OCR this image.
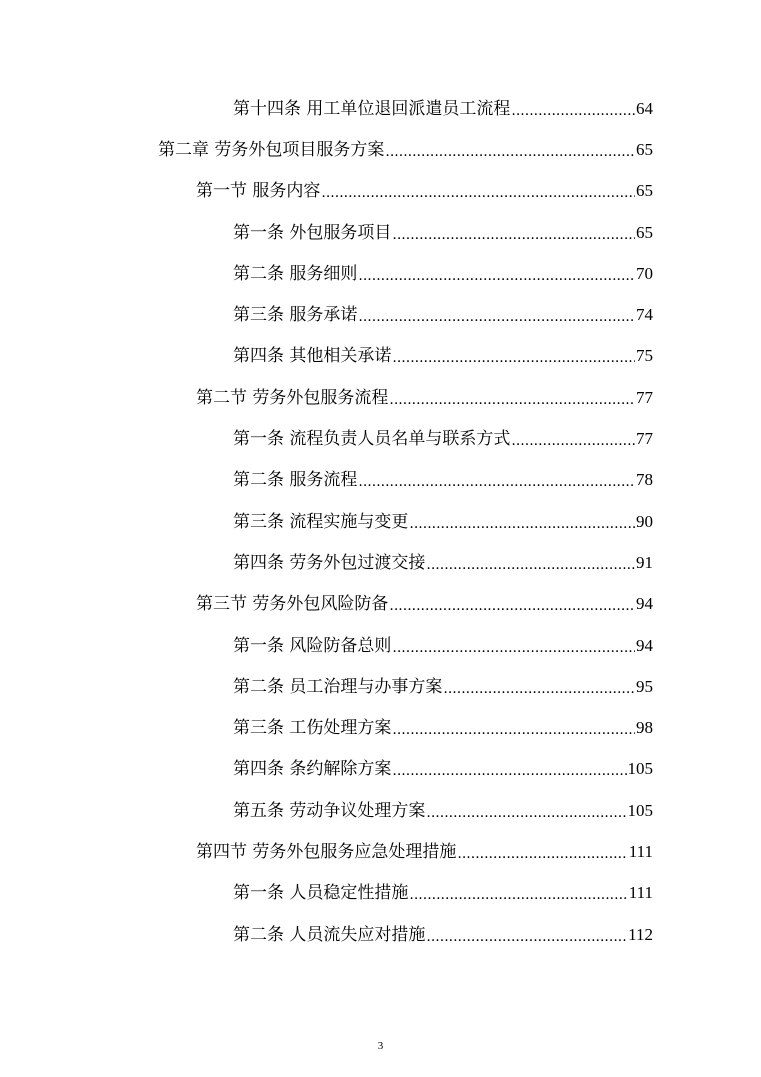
第十四条 用工单位退回派遣员工流程 .....	64
第二章 劳务外包项目服务方案 .....	65
第一节 服务内容 .....	65
第一条 外包服务项目 .....	65
第二条 服务细则 .....	70
第三条 服务承诺 .....	74
第四条 其他相关承诺 .....	75
第二节 劳务外包服务流程 .....	77
第一条 流程负责人员名单与联系方式 .....	77
第二条 服务流程 .....	78
第三条 流程实施与变更 .....	90
第四条 劳务外包过渡交接 .....	91
第三节 劳务外包风险防备 .....	94
第一条 风险防备总则 .....	94
第二条 员工治理与办事方案 .....	95
第三条 工伤处理方案 .....	98
第四条 条约解除方案 .....	105
第五条 劳动争议处理方案 .....	105
第四节 劳务外包服务应急处理措施 .....	111
第一条 人员稳定性措施 .....	111
第二条 人员流失应对措施 .....	112
3
